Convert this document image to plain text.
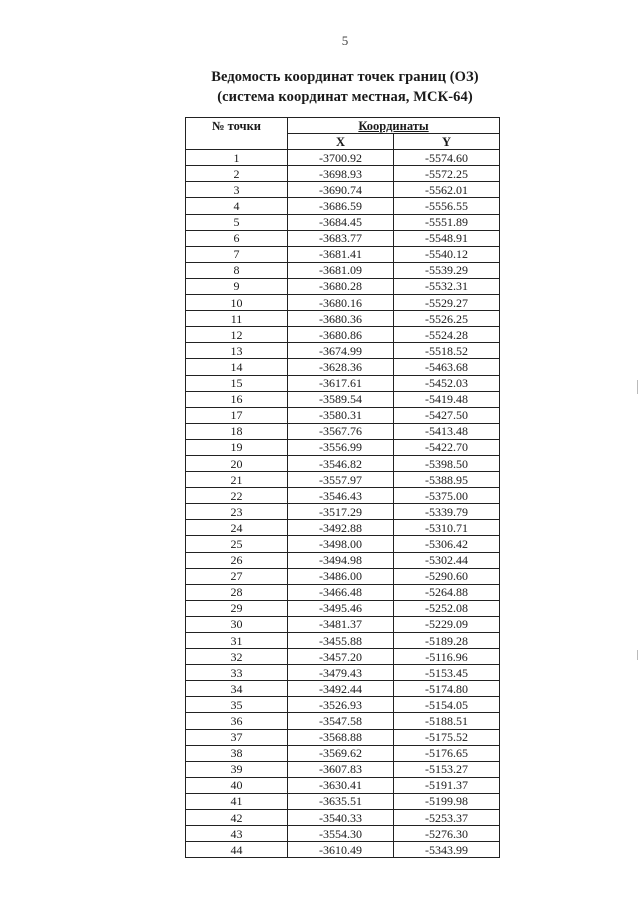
5
Ведомость координат точек границ (ОЗ)
(система координат местная, МСК-64)
№ точки	Координаты	
	X	Y
1	-3700.92	-5574.60
2	-3698.93	-5572.25
3	-3690.74	-5562.01
4	-3686.59	-5556.55
5	-3684.45	-5551.89
6	-3683.77	-5548.91
7	-3681.41	-5540.12
8	-3681.09	-5539.29
9	-3680.28	-5532.31
10	-3680.16	-5529.27
11	-3680.36	-5526.25
12	-3680.86	-5524.28
13	-3674.99	-5518.52
14	-3628.36	-5463.68
15	-3617.61	-5452.03
16	-3589.54	-5419.48
17	-3580.31	-5427.50
18	-3567.76	-5413.48
19	-3556.99	-5422.70
20	-3546.82	-5398.50
21	-3557.97	-5388.95
22	-3546.43	-5375.00
23	-3517.29	-5339.79
24	-3492.88	-5310.71
25	-3498.00	-5306.42
26	-3494.98	-5302.44
27	-3486.00	-5290.60
28	-3466.48	-5264.88
29	-3495.46	-5252.08
30	-3481.37	-5229.09
31	-3455.88	-5189.28
32	-3457.20	-5116.96
33	-3479.43	-5153.45
34	-3492.44	-5174.80
35	-3526.93	-5154.05
36	-3547.58	-5188.51
37	-3568.88	-5175.52
38	-3569.62	-5176.65
39	-3607.83	-5153.27
40	-3630.41	-5191.37
41	-3635.51	-5199.98
42	-3540.33	-5253.37
43	-3554.30	-5276.30
44	-3610.49	-5343.99
